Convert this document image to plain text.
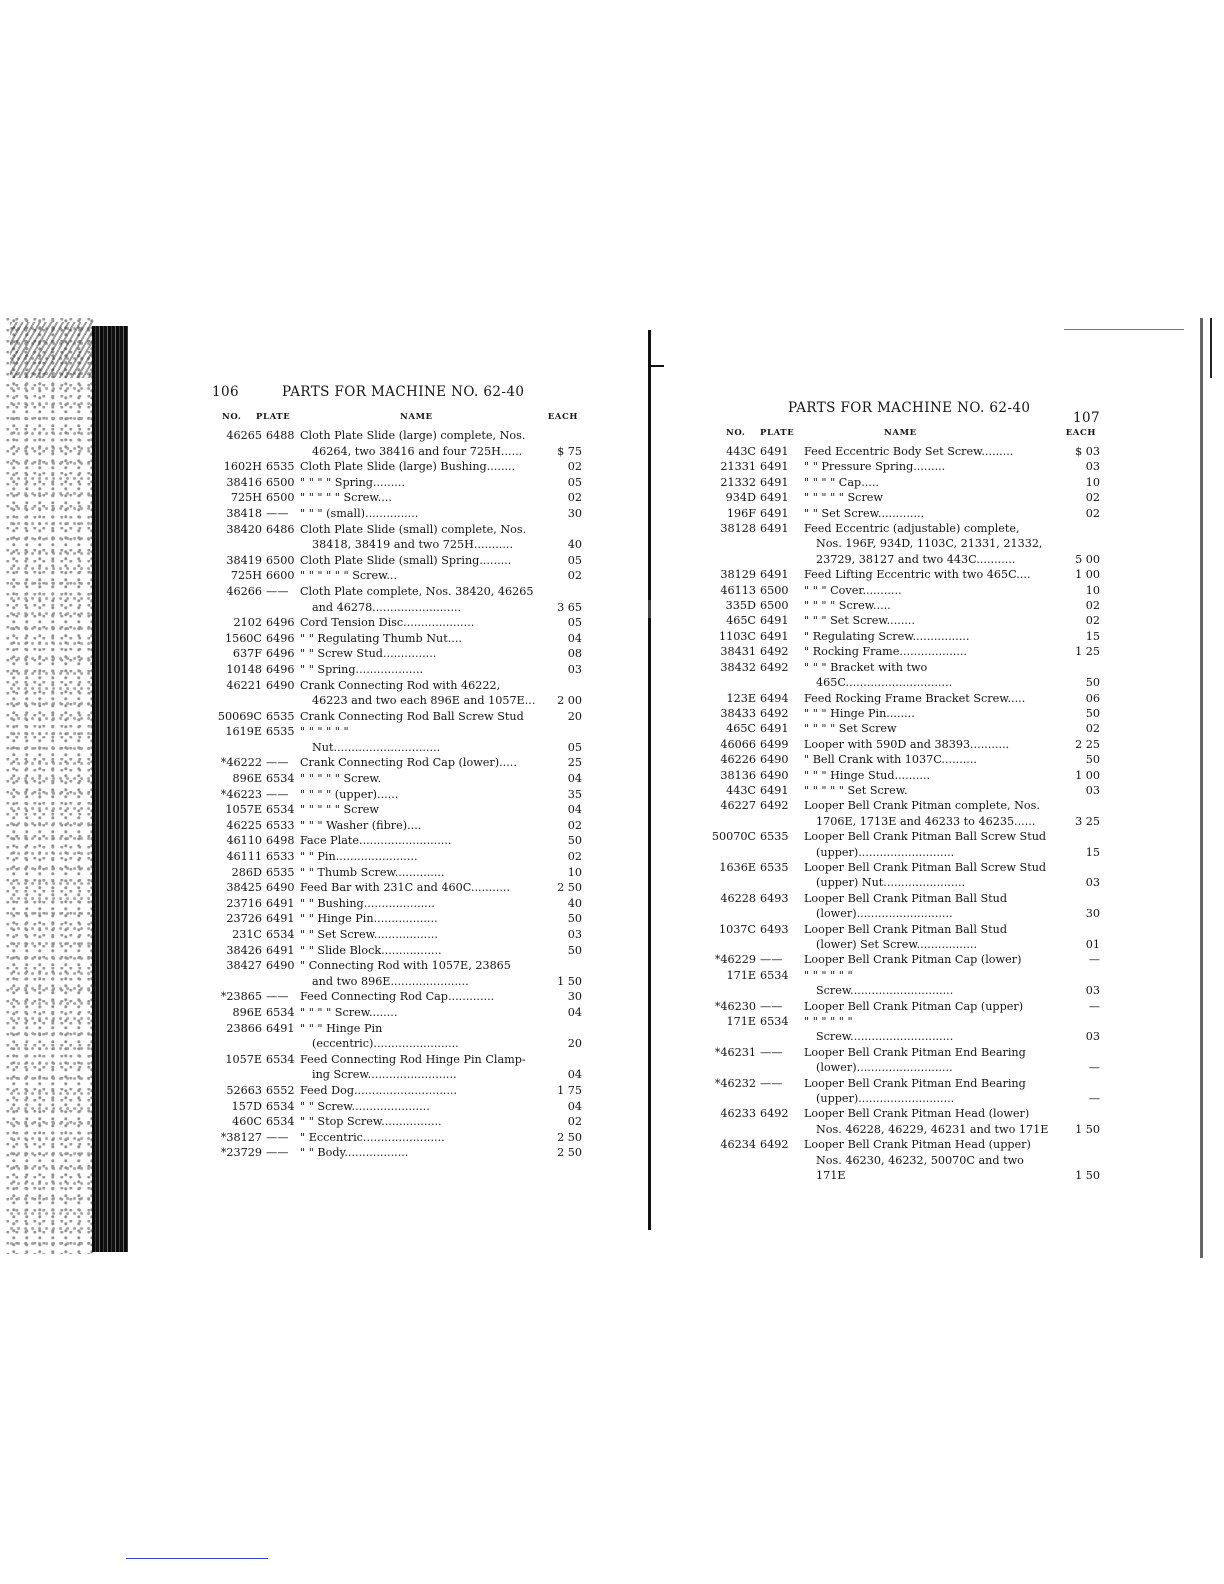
106	PARTS FOR MACHINE NO. 62-40
NO. PLATE	NAME	EACH
46265 6488 Cloth Plate Slide (large) complete, Nos.
46264, two 38416 and four 725H......	$ 75
1602H 6535 Cloth Plate Slide (large) Bushing........	02
38416 6500 " " " " Spring.........	05
725H 6500 " " " " " Screw....	02
38418 ——	" " " (small)...............	30
38420 6486 Cloth Plate Slide (small) complete, Nos.
38418, 38419 and two 725H...........	40
38419 6500 Cloth Plate Slide (small) Spring.........	05
725H 6600 " " " " " " Screw...	02
46266 ——	Cloth Plate complete, Nos. 38420, 46265
and 46278.........................	3 65
2102 6496 Cord Tension Disc....................	05
1560C 6496 " " Regulating Thumb Nut....	04
637F 6496 " " Screw Stud...............	08
10148 6496 " " Spring...................	03
46221 6490 Crank Connecting Rod with 46222,
46223 and two each 896E and 1057E...	2 00
50069C 6535 Crank Connecting Rod Ball Screw Stud	20
1619E 6535 " " " " " "
Nut..............................	05
*46222 ——	Crank Connecting Rod Cap (lower).....	25
896E 6534 " " " " " Screw.	04
*46223 ——	" " " " (upper)......	35
1057E 6534 " " " " " Screw	04
46225 6533 " " " Washer (fibre)....	02
46110 6498 Face Plate..........................	50
46111 6533 " " Pin.......................	02
286D 6535 " " Thumb Screw..............	10
38425 6490 Feed Bar with 231C and 460C...........	2 50
23716 6491 " " Bushing....................	40
23726 6491 " " Hinge Pin..................	50
231C 6534 " " Set Screw..................	03
38426 6491 " " Slide Block.................	50
38427 6490 " Connecting Rod with 1057E, 23865
and two 896E......................	1 50
*23865 ——	Feed Connecting Rod Cap.............	30
896E 6534 " " " " Screw........	04
23866 6491 " " " Hinge Pin
(eccentric)........................	20
1057E 6534 Feed Connecting Rod Hinge Pin Clamp-
ing Screw.........................	04
52663 6552 Feed Dog.............................	1 75
157D 6534 " " Screw......................	04
460C 6534 " " Stop Screw.................	02
*38127 ——	" Eccentric.......................	2 50
*23729 ——	" " Body..................	2 50
PARTS FOR MACHINE NO. 62-40
107
NO. PLATE	NAME	EACH
443C 6491	Feed Eccentric Body Set Screw.........	$ 03
21331 6491	" " Pressure Spring.........	03
21332 6491	" " " " Cap.....	10
934D 6491	" " " " " Screw	02
196F 6491	" " Set Screw.............	02
38128 6491	Feed Eccentric (adjustable) complete,
Nos. 196F, 934D, 1103C, 21331, 21332,
23729, 38127 and two 443C...........	5 00
38129 6491	Feed Lifting Eccentric with two 465C....	1 00
46113 6500	" " " Cover...........	10
335D 6500	" " " " Screw.....	02
465C 6491	" " " Set Screw........	02
1103C 6491	" Regulating Screw................	15
38431 6492	" Rocking Frame...................	1 25
38432 6492	" " " Bracket with two
465C..............................	50
123E 6494	Feed Rocking Frame Bracket Screw.....	06
38433 6492	" " " Hinge Pin........	50
465C 6491	" " " " Set Screw	02
46066 6499	Looper with 590D and 38393...........	2 25
46226 6490	" Bell Crank with 1037C..........	50
38136 6490	" " " Hinge Stud..........	1 00
443C 6491	" " " " " Set Screw.	03
46227 6492	Looper Bell Crank Pitman complete, Nos.
1706E, 1713E and 46233 to 46235......	3 25
50070C 6535	Looper Bell Crank Pitman Ball Screw Stud
(upper)...........................	15
1636E 6535	Looper Bell Crank Pitman Ball Screw Stud
(upper) Nut.......................	03
46228 6493	Looper Bell Crank Pitman Ball Stud
(lower)...........................	30
1037C 6493	Looper Bell Crank Pitman Ball Stud
(lower) Set Screw.................	01
*46229 ——	Looper Bell Crank Pitman Cap (lower)	—
171E 6534	" " " " " "
Screw.............................	03
*46230 ——	Looper Bell Crank Pitman Cap (upper)	—
171E 6534	" " " " " "
Screw.............................	03
*46231 ——	Looper Bell Crank Pitman End Bearing
(lower)...........................	—
*46232 ——	Looper Bell Crank Pitman End Bearing
(upper)...........................	—
46233 6492	Looper Bell Crank Pitman Head (lower)
Nos. 46228, 46229, 46231 and two 171E	1 50
46234 6492	Looper Bell Crank Pitman Head (upper)
Nos. 46230, 46232, 50070C and two 171E	1 50
